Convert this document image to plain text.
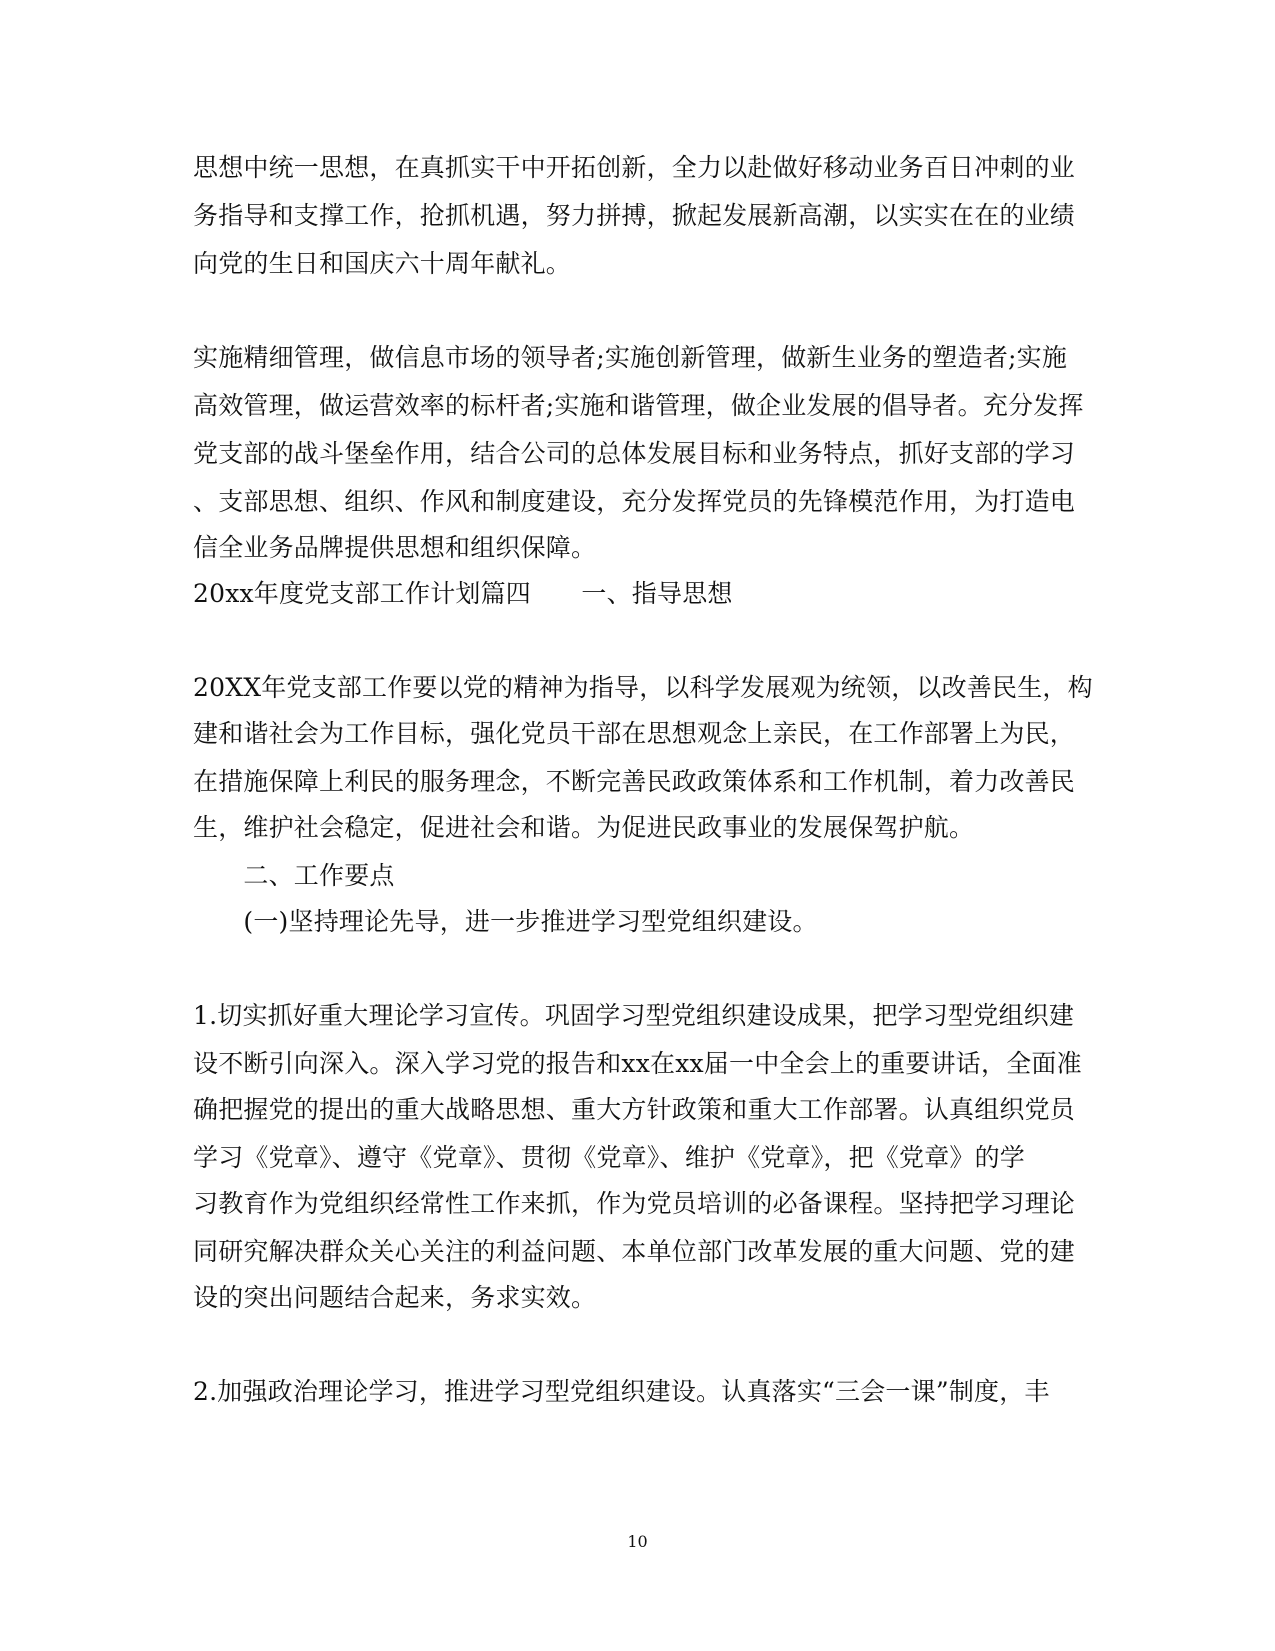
思想中统一思想，在真抓实干中开拓创新，全力以赴做好移动业务百日冲刺的业
务指导和支撑工作，抢抓机遇，努力拼搏，掀起发展新高潮，以实实在在的业绩
向党的生日和国庆六十周年献礼。
实施精细管理，做信息市场的领导者;实施创新管理，做新生业务的塑造者;实施
高效管理，做运营效率的标杆者;实施和谐管理，做企业发展的倡导者。充分发挥
党支部的战斗堡垒作用，结合公司的总体发展目标和业务特点，抓好支部的学习
、支部思想、组织、作风和制度建设，充分发挥党员的先锋模范作用，为打造电
信全业务品牌提供思想和组织保障。
20xx年度党支部工作计划篇四　　一、指导思想
20XX年党支部工作要以党的精神为指导，以科学发展观为统领，以改善民生，构
建和谐社会为工作目标，强化党员干部在思想观念上亲民，在工作部署上为民，
在措施保障上利民的服务理念，不断完善民政政策体系和工作机制，着力改善民
生，维护社会稳定，促进社会和谐。为促进民政事业的发展保驾护航。
　　二、工作要点
　　(一)坚持理论先导，进一步推进学习型党组织建设。
1.切实抓好重大理论学习宣传。巩固学习型党组织建设成果，把学习型党组织建
设不断引向深入。深入学习党的报告和xx在xx届一中全会上的重要讲话，全面准
确把握党的提出的重大战略思想、重大方针政策和重大工作部署。认真组织党员
学习《党章》、遵守《党章》、贯彻《党章》、维护《党章》，把《党章》的学
习教育作为党组织经常性工作来抓，作为党员培训的必备课程。坚持把学习理论
同研究解决群众关心关注的利益问题、本单位部门改革发展的重大问题、党的建
设的突出问题结合起来，务求实效。
2.加强政治理论学习，推进学习型党组织建设。认真落实“三会一课”制度，丰
10
